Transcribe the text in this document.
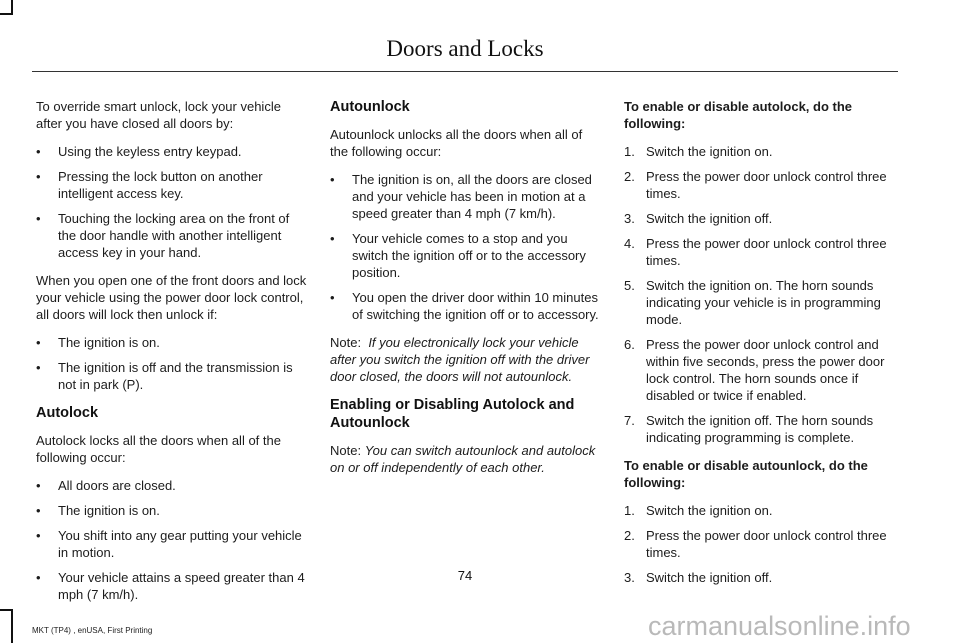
Doors and Locks

To override smart unlock, lock your vehicle after you have closed all doors by:

• Using the keyless entry keypad.
• Pressing the lock button on another intelligent access key.
• Touching the locking area on the front of the door handle with another intelligent access key in your hand.

When you open one of the front doors and lock your vehicle using the power door lock control, all doors will lock then unlock if:

• The ignition is on.
• The ignition is off and the transmission is not in park (P).
Autolock

Autolock locks all the doors when all of the following occur:

• All doors are closed.
• The ignition is on.
• You shift into any gear putting your vehicle in motion.
• Your vehicle attains a speed greater than 4 mph (7 km/h).
Autounlock

Autounlock unlocks all the doors when all of the following occur:

• The ignition is on, all the doors are closed and your vehicle has been in motion at a speed greater than 4 mph (7 km/h).
• Your vehicle comes to a stop and you switch the ignition off or to the accessory position.
• You open the driver door within 10 minutes of switching the ignition off or to accessory.

Note: If you electronically lock your vehicle after you switch the ignition off with the driver door closed, the doors will not autounlock.

Enabling or Disabling Autolock and Autounlock

Note: You can switch autounlock and autolock on or off independently of each other.

To enable or disable autolock, do the following:

1. Switch the ignition on.
2. Press the power door unlock control three times.
3. Switch the ignition off.
4. Press the power door unlock control three times.
5. Switch the ignition on. The horn sounds indicating your vehicle is in programming mode.
6. Press the power door unlock control and within five seconds, press the power door lock control. The horn sounds once if disabled or twice if enabled.
7. Switch the ignition off. The horn sounds indicating programming is complete.

To enable or disable autounlock, do the following:

1. Switch the ignition on.
2. Press the power door unlock control three times.
3. Switch the ignition off.
74
MKT (TP4) , enUSA, First Printing	carmanualsonline.info
